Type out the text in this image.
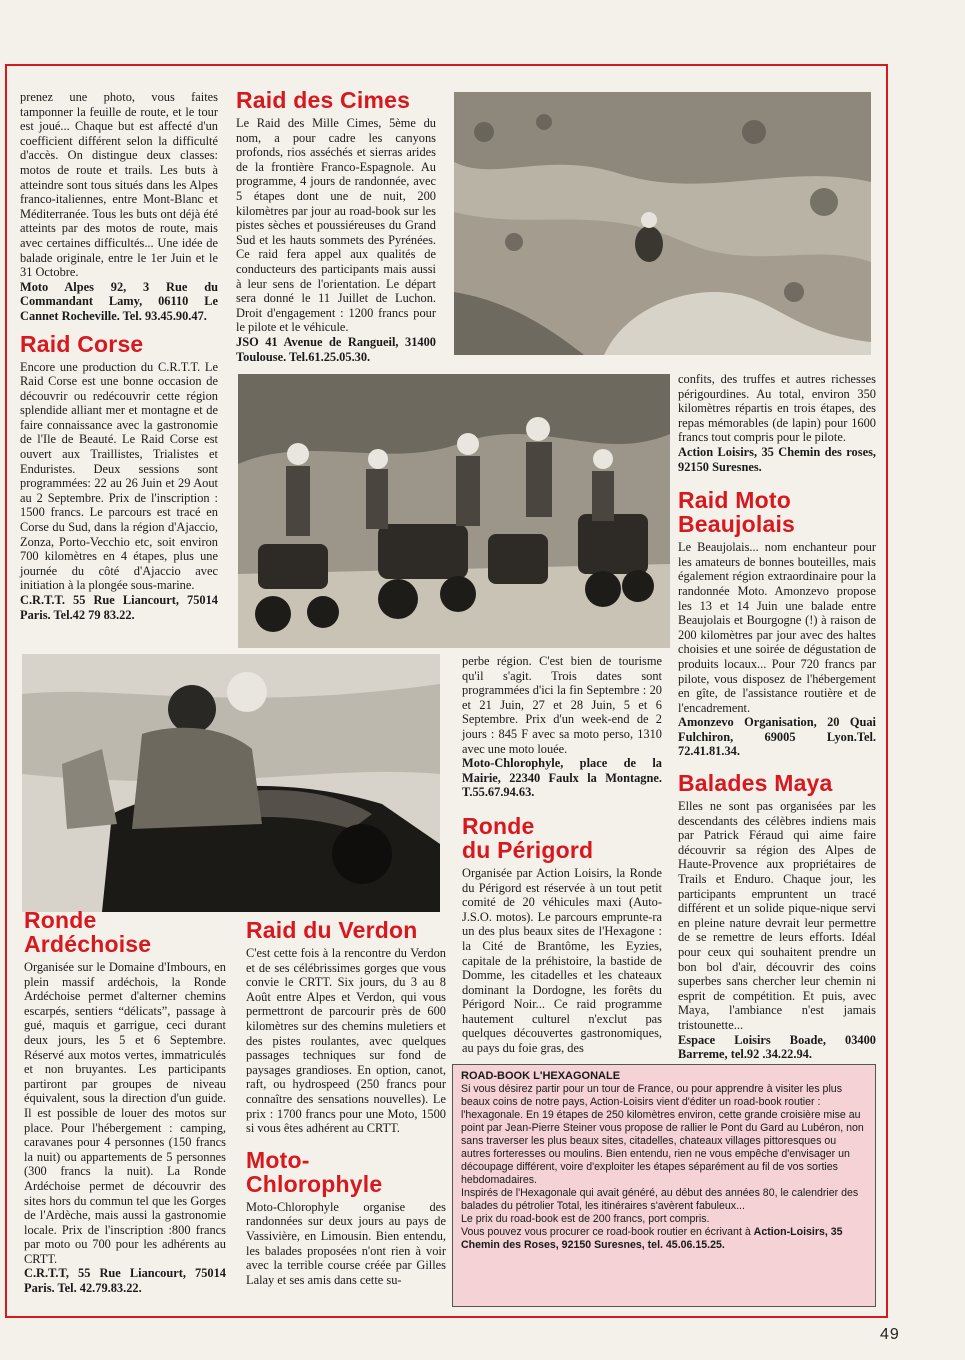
prenez une photo, vous faites tamponner la feuille de route, et le tour est joué... Chaque but est affecté d'un coefficient différent selon la difficulté d'accès. On distingue deux classes: motos de route et trails. Les buts à atteindre sont tous situés dans les Alpes franco-italiennes, entre Mont-Blanc et Méditerranée. Tous les buts ont déjà été atteints par des motos de route, mais avec certaines difficultés... Une idée de balade originale, entre le 1er Juin et le 31 Octobre.

Moto Alpes 92, 3 Rue du Commandant Lamy, 06110 Le Cannet Rocheville. Tel. 93.45.90.47.

Raid Corse

Encore une production du C.R.T.T. Le Raid Corse est une bonne occasion de découvrir ou redécouvrir cette région splendide alliant mer et montagne et de faire connaissance avec la gastronomie de l'Ile de Beauté. Le Raid Corse est ouvert aux Traillistes, Trialistes et Enduristes. Deux sessions sont programmées: 22 au 26 Juin et 29 Aout au 2 Septembre. Prix de l'inscription : 1500 francs. Le parcours est tracé en Corse du Sud, dans la région d'Ajaccio, Zonza, Porto-Vecchio etc, soit environ 700 kilomètres en 4 étapes, plus une journée du côté d'Ajaccio avec initiation à la plongée sous-marine.

C.R.T.T. 55 Rue Liancourt, 75014 Paris. Tel.42 79 83.22.

Raid des Cimes

Le Raid des Mille Cimes, 5ème du nom, a pour cadre les canyons profonds, rios asséchés et sierras arides de la frontière Franco-Espagnole. Au programme, 4 jours de randonnée, avec 5 étapes dont une de nuit, 200 kilomètres par jour au road-book sur les pistes sèches et poussiéreuses du Grand Sud et les hauts sommets des Pyrénées. Ce raid fera appel aux qualités de conducteurs des participants mais aussi à leur sens de l'orientation. Le départ sera donné le 11 Juillet de Luchon. Droit d'engagement : 1200 francs pour le pilote et le véhicule.

JSO 41 Avenue de Rangueil, 31400 Toulouse. Tel.61.25.05.30.

confits, des truffes et autres richesses périgourdines. Au total, environ 350 kilomètres répartis en trois étapes, des repas mémorables (de lapin) pour 1600 francs tout compris pour le pilote.

Action Loisirs, 35 Chemin des roses, 92150 Suresnes.

Raid Moto
Beaujolais

Le Beaujolais... nom enchanteur pour les amateurs de bonnes bouteilles, mais également région extraordinaire pour la randonnée Moto. Amonzevo propose les 13 et 14 Juin une balade entre Beaujolais et Bourgogne (!) à raison de 200 kilomètres par jour avec des haltes choisies et une soirée de dégustation de produits locaux... Pour 720 francs par pilote, vous disposez de l'hébergement en gîte, de l'assistance routière et de l'encadrement.

Amonzevo Organisation, 20 Quai Fulchiron, 69005 Lyon.Tel. 72.41.81.34.

Balades Maya

Elles ne sont pas organisées par les descendants des célèbres indiens mais par Patrick Féraud qui aime faire découvrir sa région des Alpes de Haute-Provence aux propriétaires de Trails et Enduro. Chaque jour, les participants empruntent un tracé différent et un solide pique-nique servi en pleine nature devrait leur permettre de se remettre de leurs efforts. Idéal pour ceux qui souhaitent prendre un bon bol d'air, découvrir des coins superbes sans chercher leur chemin ni esprit de compétition. Et puis, avec Maya, l'ambiance n'est jamais tristounette...

Espace Loisirs Boade, 03400 Barreme, tel.92 .34.22.94.

perbe région. C'est bien de tourisme qu'il s'agit. Trois dates sont programmées d'ici la fin Septembre : 20 et 21 Juin, 27 et 28 Juin, 5 et 6 Septembre. Prix d'un week-end de 2 jours : 845 F avec sa moto perso, 1310 avec une moto louée.

Moto-Chlorophyle, place de la Mairie, 22340 Faulx la Montagne. T.55.67.94.63.

Ronde
du Périgord

Organisée par Action Loisirs, la Ronde du Périgord est réservée à un tout petit comité de 20 véhicules maxi (Auto-J.S.O. motos). Le parcours emprunte-ra un des plus beaux sites de l'Hexagone : la Cité de Brantôme, les Eyzies, capitale de la préhistoire, la bastide de Domme, les citadelles et les chateaux dominant la Dordogne, les forêts du Périgord Noir... Ce raid programme hautement culturel n'exclut pas quelques découvertes gastronomiques, au pays du foie gras, des

Ronde
Ardéchoise

Organisée sur le Domaine d'Imbours, en plein massif ardéchois, la Ronde Ardéchoise permet d'alterner chemins escarpés, sentiers “délicats”, passage à gué, maquis et garrigue, ceci durant deux jours, les 5 et 6 Septembre. Réservé aux motos vertes, immatriculés et non bruyantes. Les participants partiront par groupes de niveau équivalent, sous la direction d'un guide. Il est possible de louer des motos sur place. Pour l'hébergement : camping, caravanes pour 4 personnes (150 francs la nuit) ou appartements de 5 personnes (300 francs la nuit). La Ronde Ardéchoise permet de découvrir des sites hors du commun tel que les Gorges de l'Ardèche, mais aussi la gastronomie locale. Prix de l'inscription :800 francs par moto ou 700 pour les adhérents au CRTT.

C.R.T.T, 55 Rue Liancourt, 75014 Paris. Tel. 42.79.83.22.

Raid du Verdon

C'est cette fois à la rencontre du Verdon et de ses célébrissimes gorges que vous convie le CRTT. Six jours, du 3 au 8 Août entre Alpes et Verdon, qui vous permettront de parcourir près de 600 kilomètres sur des chemins muletiers et des pistes roulantes, avec quelques passages techniques sur fond de paysages grandioses. En option, canot, raft, ou hydrospeed (250 francs pour connaître des sensations nouvelles). Le prix : 1700 francs pour une Moto, 1500 si vous êtes adhérent au CRTT.

Moto-
Chlorophyle

Moto-Chlorophyle organise des randonnées sur deux jours au pays de Vassivière, en Limousin. Bien entendu, les balades proposées n'ont rien à voir avec la terrible course créée par Gilles Lalay et ses amis dans cette su-

ROAD-BOOK L'HEXAGONALE

Si vous désirez partir pour un tour de France, ou pour apprendre à visiter les plus beaux coins de notre pays, Action-Loisirs vient d'éditer un road-book routier : l'hexagonale. En 19 étapes de 250 kilomètres environ, cette grande croisière mise au point par Jean-Pierre Steiner vous propose de rallier le Pont du Gard au Lubéron, non sans traverser les plus beaux sites, citadelles, chateaux villages pittoresques ou autres forteresses ou moulins. Bien entendu, rien ne vous empêche d'envisager un découpage différent, voire d'exploiter les étapes séparément au fil de vos sorties hebdomadaires.

Inspirés de l'Hexagonale qui avait généré, au début des années 80, le calendrier des balades du pétrolier Total, les itinéraires s'avèrent fabuleux...

Le prix du road-book est de 200 francs, port compris.

Vous pouvez vous procurer ce road-book routier en écrivant à Action-Loisirs, 35 Chemin des Roses, 92150 Suresnes, tel. 45.06.15.25.

49
